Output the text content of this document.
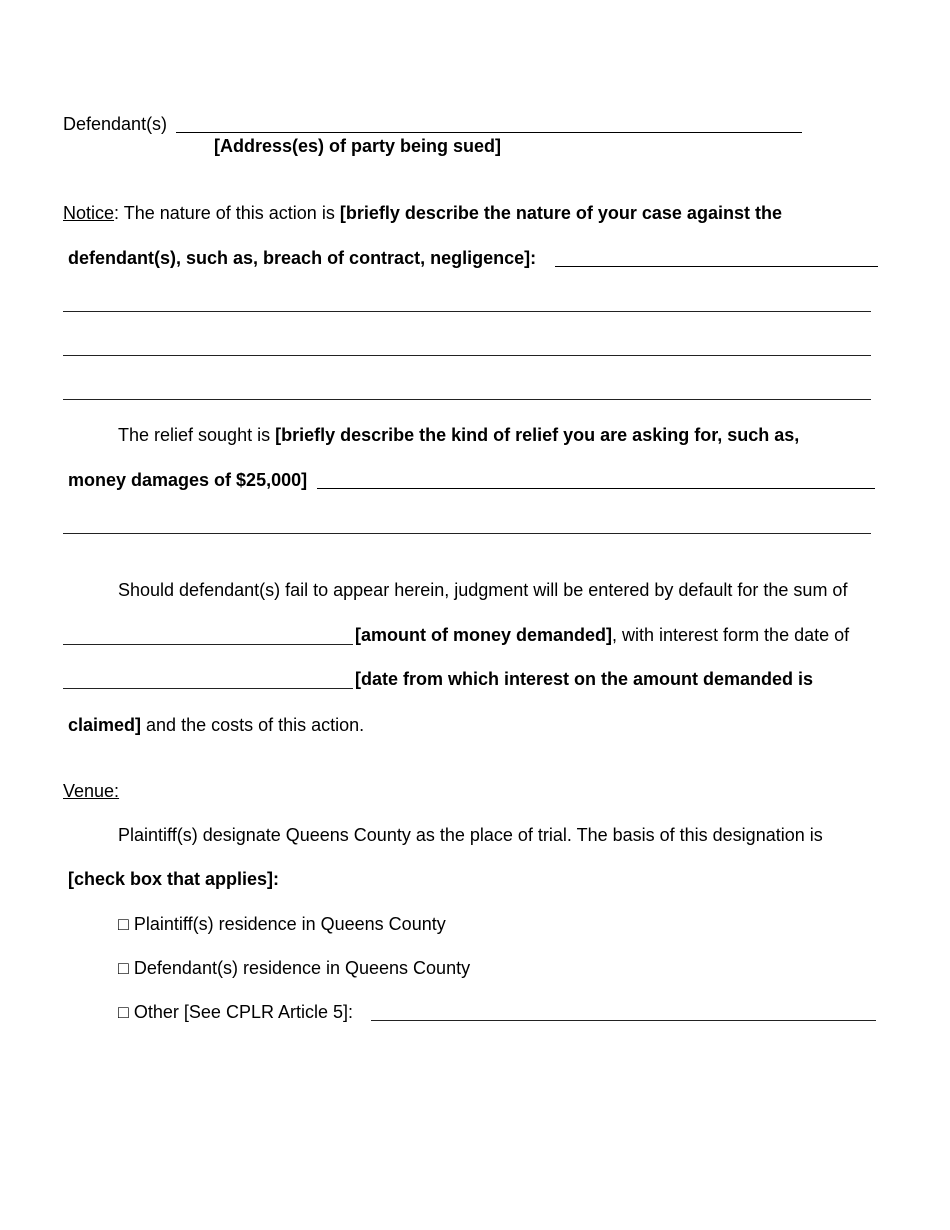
Defendant(s)
[Address(es) of party being sued]
Notice: The nature of this action is [briefly describe the nature of your case against the
defendant(s), such as, breach of contract, negligence]:
The relief sought is [briefly describe the kind of relief you are asking for, such as,
money damages of $25,000]
Should defendant(s) fail to appear herein, judgment will be entered by default for the sum of
[amount of money demanded], with interest form the date of
[date from which interest on the amount demanded is
claimed] and the costs of this action.
Venue:
Plaintiff(s) designate Queens County as the place of trial. The basis of this designation is
[check box that applies]:
□ Plaintiff(s) residence in Queens County
□ Defendant(s) residence in Queens County
□ Other [See CPLR Article 5]:
